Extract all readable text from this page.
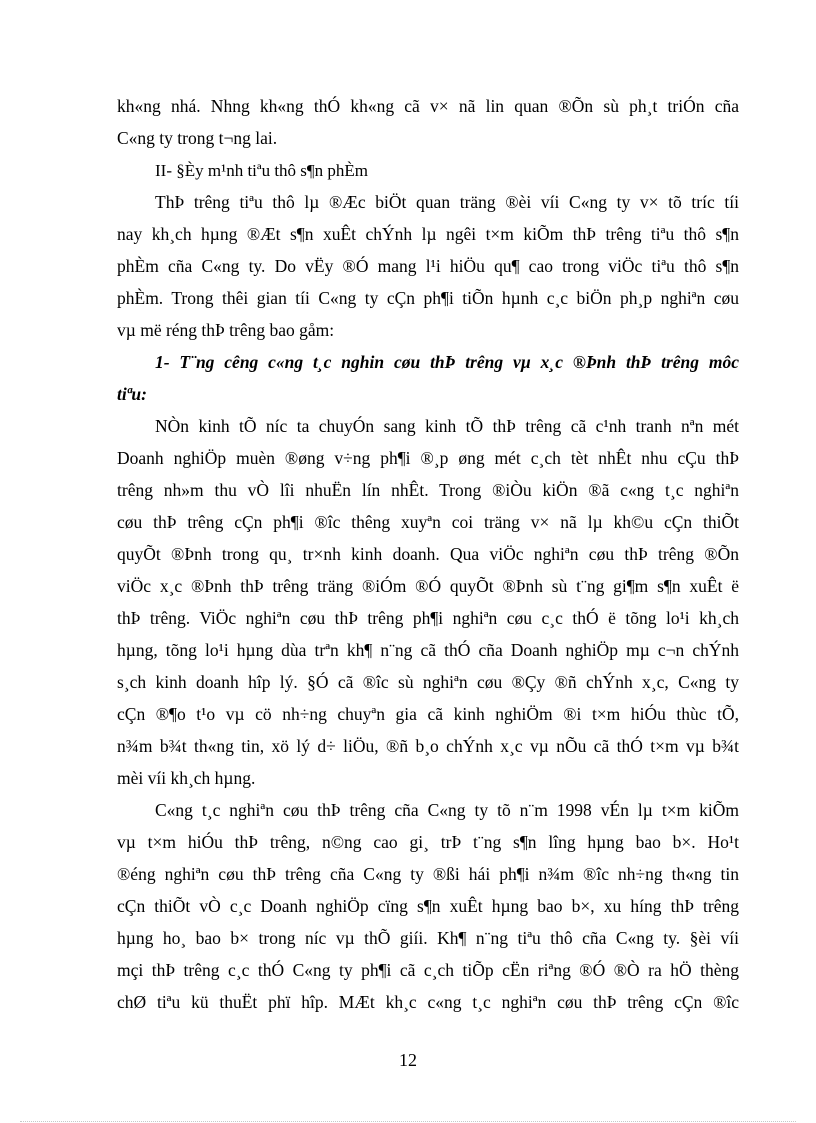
kh«ng nhá. Nhng kh«ng thÓ kh«ng cã v× nã lin quan ®Õn sù ph¸t triÓn cña
C«ng ty trong t¬ng lai.
II- §Èy m¹nh tiªu thô s¶n phÈm
ThÞ trêng tiªu thô lµ ®Æc biÖt quan träng ®èi víi C«ng ty v× tõ tríc tíi
nay kh¸ch hµng ®Æt s¶n xuÊt chÝnh lµ ngêi t×m kiÕm thÞ trêng tiªu thô s¶n
phÈm cña C«ng ty. Do vËy ®Ó mang l¹i hiÖu qu¶ cao trong viÖc tiªu thô s¶n
phÈm. Trong thêi gian tíi C«ng ty cÇn ph¶i tiÕn hµnh c¸c biÖn ph¸p nghiªn cøu
vµ më réng thÞ trêng bao gåm:
1- T¨ng cêng c«ng t¸c nghin cøu thÞ trêng vµ x¸c ®Þnh thÞ trêng môc
tiªu:
NÒn kinh tÕ níc ta chuyÓn sang kinh tÕ thÞ trêng cã c¹nh tranh nªn mét
Doanh nghiÖp muèn ®øng v÷ng ph¶i ®¸p øng mét c¸ch tèt nhÊt nhu cÇu thÞ
trêng nh»m thu vÒ lîi nhuËn lín nhÊt. Trong ®iÒu kiÖn ®ã c«ng t¸c nghiªn
cøu thÞ trêng cÇn ph¶i ®îc thêng xuyªn coi träng v× nã lµ kh©u cÇn thiÕt
quyÕt ®Þnh trong qu¸ tr×nh kinh doanh. Qua viÖc nghiªn cøu thÞ trêng ®Õn
viÖc x¸c ®Þnh thÞ trêng träng ®iÓm ®Ó quyÕt ®Þnh sù t¨ng gi¶m s¶n xuÊt ë
thÞ trêng. ViÖc nghiªn cøu thÞ trêng ph¶i nghiªn cøu c¸c thÓ ë tõng lo¹i kh¸ch
hµng, tõng lo¹i hµng dùa trªn kh¶ n¨ng cã thÓ cña Doanh nghiÖp mµ c¬n chÝnh
s¸ch kinh doanh hîp lý. §Ó cã ®îc sù nghiªn cøu ®Çy ®ñ chÝnh x¸c, C«ng ty
cÇn ®¶o t¹o vµ cö nh÷ng chuyªn gia cã kinh nghiÖm ®i t×m hiÓu thùc tÕ,
n¾m b¾t th«ng tin, xö lý d÷ liÖu, ®ñ b¸o chÝnh x¸c vµ nÕu cã thÓ t×m vµ b¾t
mèi víi kh¸ch hµng.
C«ng t¸c nghiªn cøu thÞ trêng cña C«ng ty tõ n¨m 1998 vÉn lµ t×m kiÕm
vµ t×m hiÓu thÞ trêng, n©ng cao gi¸ trÞ t¨ng s¶n lîng hµng bao b×. Ho¹t
®éng nghiªn cøu thÞ trêng cña C«ng ty ®ßi hái ph¶i n¾m ®îc nh÷ng th«ng tin
cÇn thiÕt vÒ c¸c Doanh nghiÖp cïng s¶n xuÊt hµng bao b×, xu híng thÞ trêng
hµng ho¸ bao b× trong níc vµ thÕ giíi. Kh¶ n¨ng tiªu thô cña C«ng ty. §èi víi
mçi thÞ trêng c¸c thÓ C«ng ty ph¶i cã c¸ch tiÕp cËn riªng ®Ó ®Ò ra hÖ thèng
chØ tiªu kü thuËt phï hîp. MÆt kh¸c c«ng t¸c nghiªn cøu thÞ trêng cÇn ®îc
12
